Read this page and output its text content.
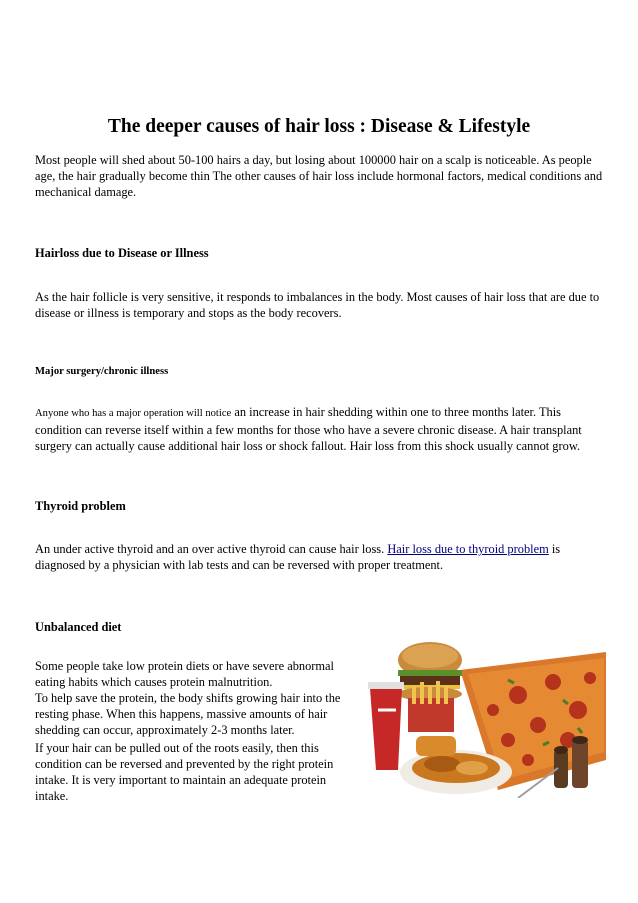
The deeper causes of hair loss : Disease & Lifestyle

Most people will shed about 50-100 hairs a day, but losing about 100000 hair on a scalp is noticeable. As people age, the hair gradually become thin The other causes of hair loss include hormonal factors, medical conditions and mechanical damage.

Hairloss due to Disease or Illness

As the hair follicle is very sensitive, it responds to imbalances in the body. Most causes of hair loss that are due to disease or illness is temporary and stops as the body recovers.

Major surgery/chronic illness

Anyone who has a major operation will notice an increase in hair shedding within one to three months later. This condition can reverse itself within a few months for those who have a severe chronic disease. A hair transplant surgery can actually cause additional hair loss or shock fallout. Hair loss from this shock usually cannot grow.

Thyroid problem

An under active thyroid and an over active thyroid can cause hair loss. Hair loss due to thyroid problem is diagnosed by a physician with lab tests and can be reversed with proper treatment.

Unbalanced diet

Some people take low protein diets or have severe abnormal eating habits which causes protein malnutrition.
To help save the protein, the body shifts growing hair into the resting phase. When this happens, massive amounts of hair shedding can occur, approximately 2-3 months later.

If your hair can be pulled out of the roots easily, then this condition can be reversed and prevented by the right protein intake. It is very important to maintain an adequate protein intake.
